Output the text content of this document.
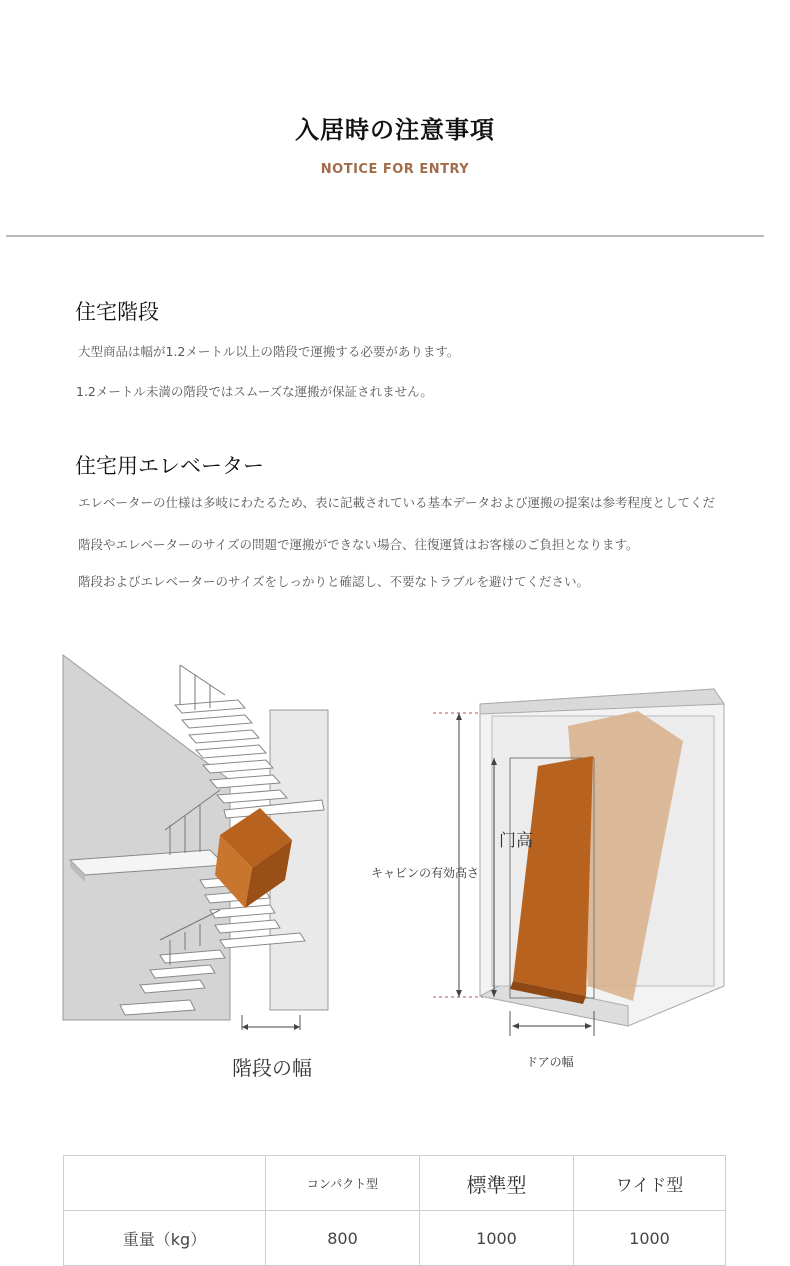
入居時の注意事項
NOTICE FOR ENTRY
住宅階段
大型商品は幅が1.2メートル以上の階段で運搬する必要があります。
1.2メートル未満の階段ではスムーズな運搬が保証されません。
住宅用エレベーター
エレベーターの仕様は多岐にわたるため、表に記載されている基本データおよび運搬の提案は参考程度としてくだ
階段やエレベーターのサイズの問題で運搬ができない場合、往復運賃はお客様のご負担となります。
階段およびエレベーターのサイズをしっかりと確認し、不要なトラブルを避けてください。
階段の幅
门高
キャビンの有効高さ
ドアの幅
	コンパクト型	標準型	ワイド型
重量（kg）	800	1000	1000
